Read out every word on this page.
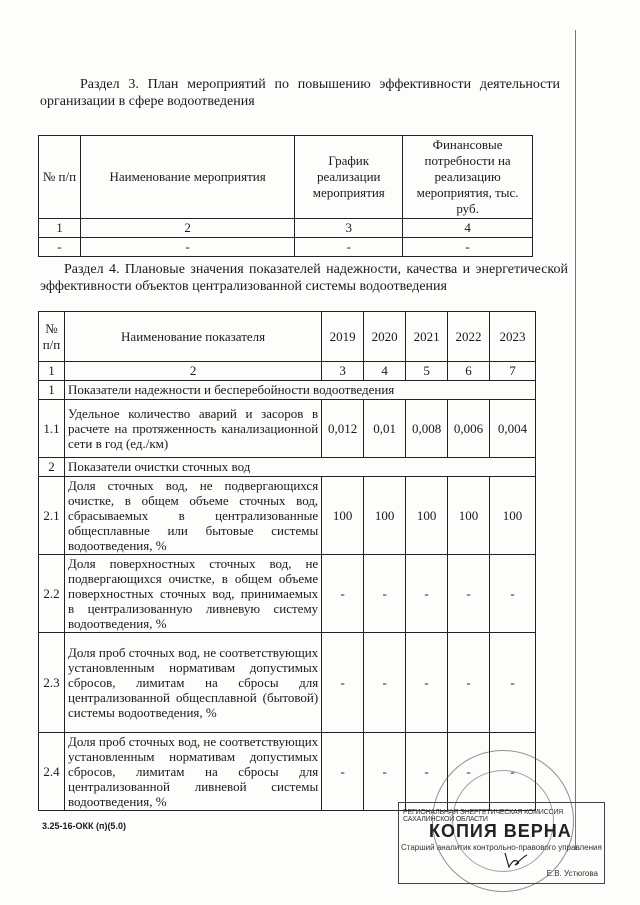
Раздел 3. План мероприятий по повышению эффективности деятельности организации в сфере водоотведения
№ п/п	Наименование мероприятия	График реализации мероприятия	Финансовые потребности на реализацию мероприятия, тыс. руб.
1	2	3	4
-	-	-	-
Раздел 4. Плановые значения показателей надежности, качества и энергетической эффективности объектов централизованной системы водоотведения
№ п/п	Наименование показателя	2019	2020	2021	2022	2023
1	2	3	4	5	6	7
1	Показатели надежности и бесперебойности водоотведения					
1.1	Удельное количество аварий и засоров в расчете на протяженность канализационной сети в год (ед./км)	0,012	0,01	0,008	0,006	0,004
2	Показатели очистки сточных вод					
2.1	Доля сточных вод, не подвергающихся очистке, в общем объеме сточных вод, сбрасываемых в централизованные общесплавные или бытовые системы водоотведения, %	100	100	100	100	100
2.2	Доля поверхностных сточных вод, не подвергающихся очистке, в общем объеме поверхностных сточных вод, принимаемых в централизованную ливневую систему водоотведения, %	-	-	-	-	-
2.3	Доля проб сточных вод, не соответствующих установленным нормативам допустимых сбросов, лимитам на сбросы для централизованной общесплавной (бытовой) системы водоотведения, %	-	-	-	-	-
2.4	Доля проб сточных вод, не соответствующих установленным нормативам допустимых сбросов, лимитам на сбросы для централизованной ливневой системы водоотведения, %	-	-	-	-	-
3.25-16-ОКК (п)(5.0)
РЕГИОНАЛЬНАЯ ЭНЕРГЕТИЧЕСКАЯ КОМИССИЯ САХАЛИНСКОЙ ОБЛАСТИ
КОПИЯ ВЕРНА
Старший аналитик контрольно-правового управления
Е.В. Устюгова
